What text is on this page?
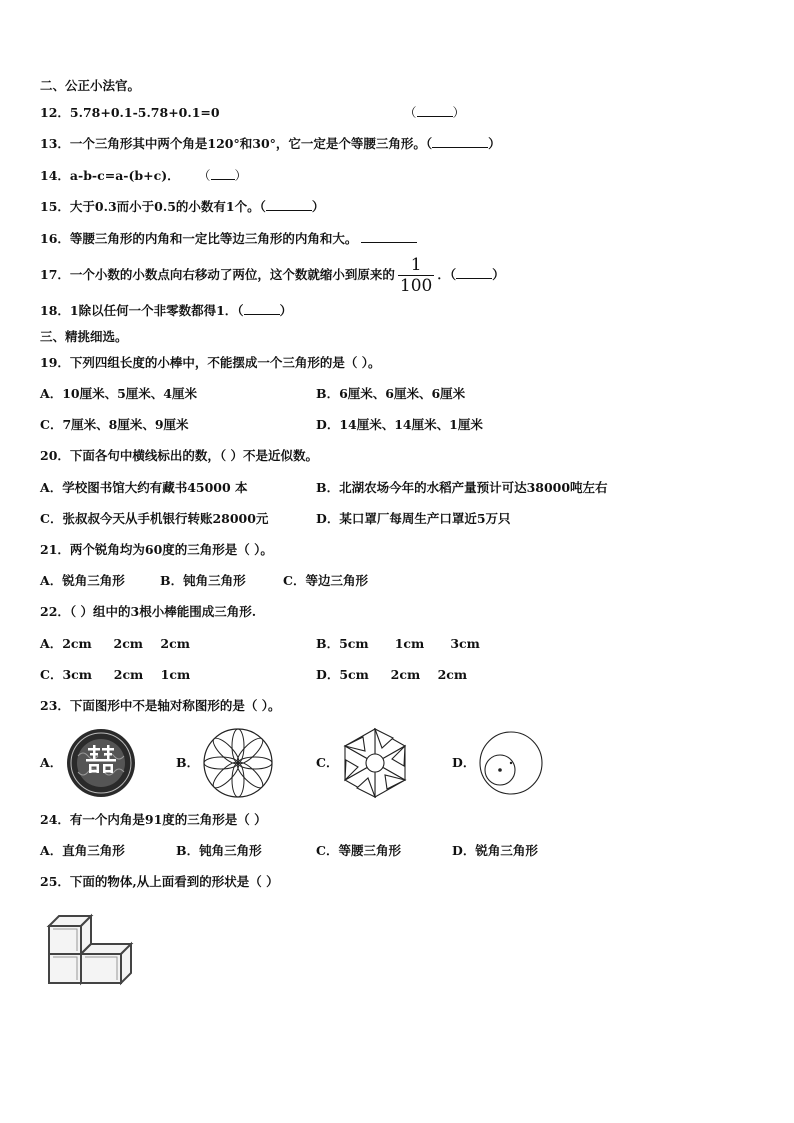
二、公正小法官。
12．5.78+0.1-5.78+0.1=0	（	）
13．一个三角形其中两个角是120°和30°，它一定是个等腰三角形。（	）
14．a-b-c=a-(b+c)． （ ）
15．大于0.3而小于0.5的小数有1个。（	）
16．等腰三角形的内角和一定比等边三角形的内角和大。
17．一个小数的小数点向右移动了两位，这个数就缩小到原来的 $\frac{1}{100}$ ．（	）
18．1除以任何一个非零数都得1．（	）
三、精挑细选。
19．下列四组长度的小棒中，不能摆成一个三角形的是（ ）。
A．10厘米、5厘米、4厘米	B．6厘米、6厘米、6厘米
C．7厘米、8厘米、9厘米	D．14厘米、14厘米、1厘米
20．下面各句中横线标出的数，（ ）不是近似数。
A．学校图书馆大约有藏书45000 本	B．北湖农场今年的水稻产量预计可达38000吨左右
C．张叔叔今天从手机银行转账28000元	D．某口罩厂每周生产口罩近5万只
21．两个锐角均为60度的三角形是（ ）。
A．锐角三角形	B．钝角三角形	C．等边三角形
22．（ ）组中的3根小棒能围成三角形.
A．2cm     2cm    2cm	B．5cm      1cm      3cm
C．3cm     2cm    1cm	D．5cm     2cm    2cm
23．下面图形中不是轴对称图形的是（ ）。
A．	B．	C．	D．
24．有一个内角是91度的三角形是（ ）
A．直角三角形	B．钝角三角形	C．等腰三角形	D．锐角三角形
25．下面的物体,从上面看到的形状是（ ）
